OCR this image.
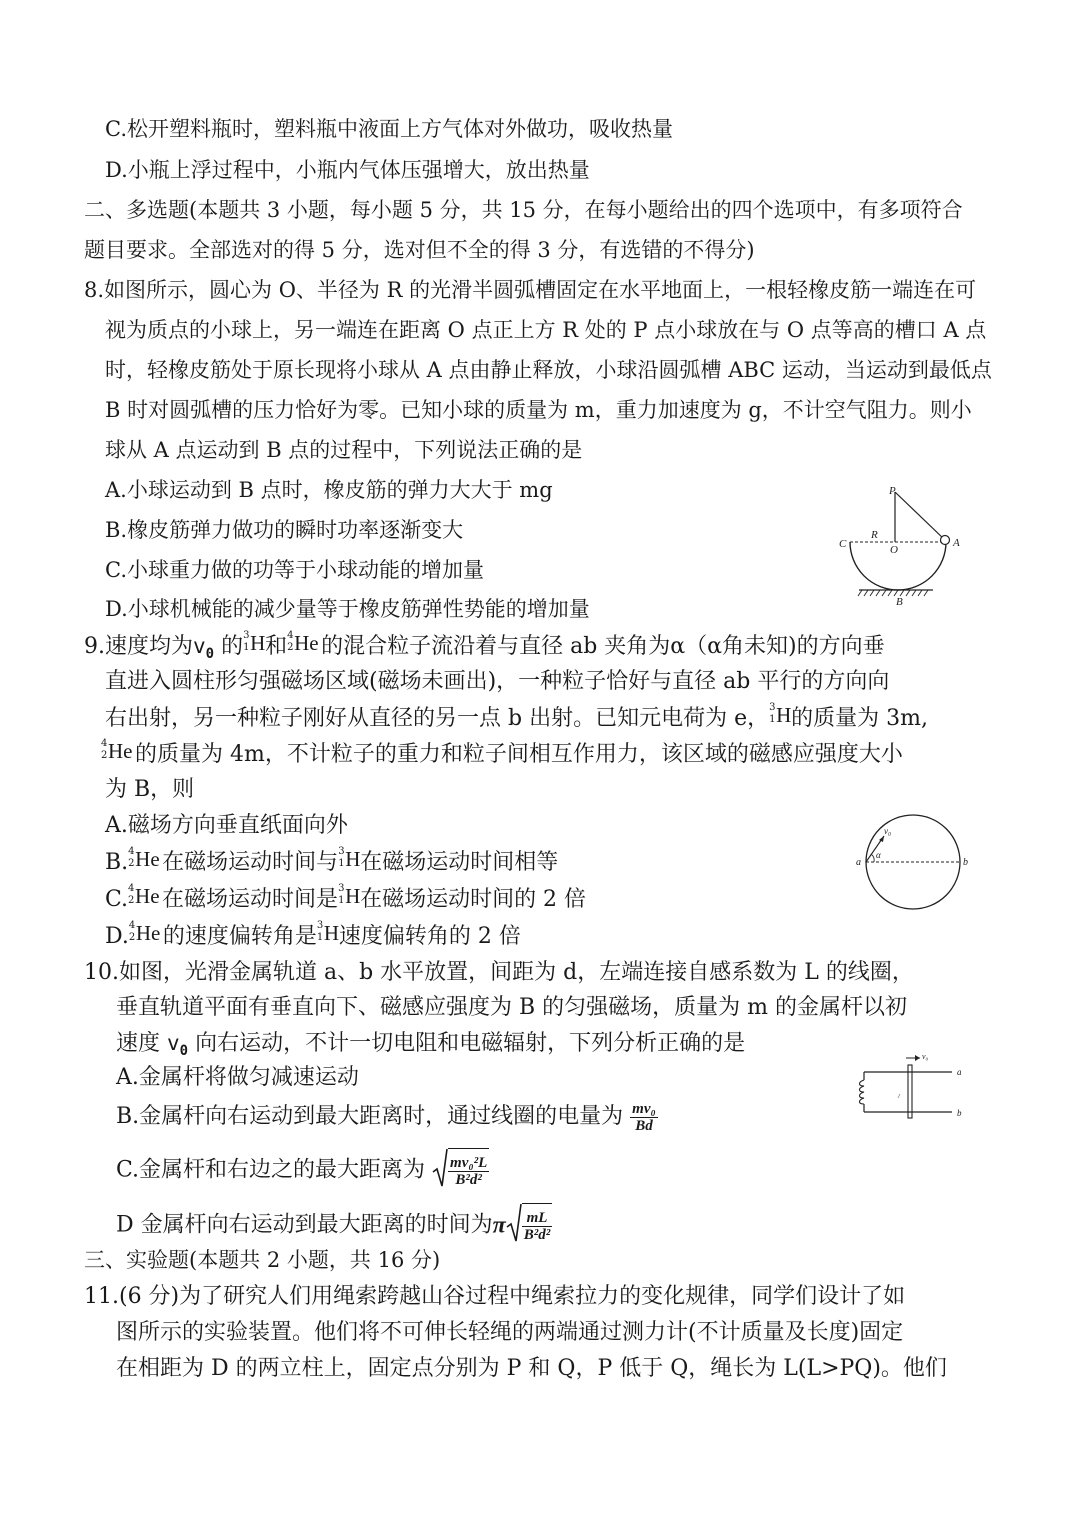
C.松开塑料瓶时，塑料瓶中液面上方气体对外做功，吸收热量
D.小瓶上浮过程中，小瓶内气体压强增大，放出热量
二、多选题(本题共 3 小题，每小题 5 分，共 15 分，在每小题给出的四个选项中，有多项符合
题目要求。全部选对的得 5 分，选对但不全的得 3 分，有选错的不得分)
8.如图所示，圆心为 O、半径为 R 的光滑半圆弧槽固定在水平地面上，一根轻橡皮筋一端连在可
视为质点的小球上，另一端连在距离 O 点正上方 R 处的 P 点小球放在与 O 点等高的槽口 A 点
时，轻橡皮筋处于原长现将小球从 A 点由静止释放，小球沿圆弧槽 ABC 运动，当运动到最低点
B 时对圆弧槽的压力恰好为零。已知小球的质量为 m，重力加速度为 g，不计空气阻力。则小
球从 A 点运动到 B 点的过程中，下列说法正确的是
A.小球运动到 B 点时，橡皮筋的弹力大大于 mg
B.橡皮筋弹力做功的瞬时功率逐渐变大
C.小球重力做的功等于小球动能的增加量
D.小球机械能的减少量等于橡皮筋弹性势能的增加量
P
C
R
O
A
B
9.速度均为$v_0$ 的 3
1 H 和 4
2 He 的混合粒子流沿着与直径 ab 夹角为α（α角未知)的方向垂
直进入圆柱形匀强磁场区域(磁场未画出)，一种粒子恰好与直径 ab 平行的方向向
右出射，另一种粒子刚好从直径的另一点 b 出射。已知元电荷为 e， 3
1 H 的质量为 3m,
4
2 He 的质量为 4m，不计粒子的重力和粒子间相互作用力，该区域的磁感应强度大小
为 B，则
A.磁场方向垂直纸面向外
B. 4
2 He 在磁场运动时间与 3
1 H 在磁场运动时间相等
C. 4
2 He 在磁场运动时间是 3
1 H 在磁场运动时间的 2 倍
D. 4
2 He 的速度偏转角是 3
1 H 速度偏转角的 2 倍
a	b
α
v₀
10.如图，光滑金属轨道 a、b 水平放置，间距为 d，左端连接自感系数为 L 的线圈，
垂直轨道平面有垂直向下、磁感应强度为 B 的匀强磁场，质量为 m 的金属杆以初
速度 $v_0$ 向右运动，不计一切电阻和电磁辐射，下列分析正确的是
A.金属杆将做匀减速运动
B.金属杆向右运动到最大距离时，通过线圈的电量为 $\frac{\text{mv₀}}{Bd}$
C.金属杆和右边之的最大距离为 $\frac{\text{mv₀²L}}{\text{B²d²}}$
D 金属杆向右运动到最大距离的时间为π $\frac{mL}{\text{B²d²}}$
v₀
a
b
三、实验题(本题共 2 小题，共 16 分)
11.(6 分)为了研究人们用绳索跨越山谷过程中绳索拉力的变化规律，同学们设计了如
图所示的实验装置。他们将不可伸长轻绳的两端通过测力计(不计质量及长度)固定
在相距为 D 的两立柱上，固定点分别为 P 和 Q，P 低于 Q，绳长为 L(L>PQ)。他们
